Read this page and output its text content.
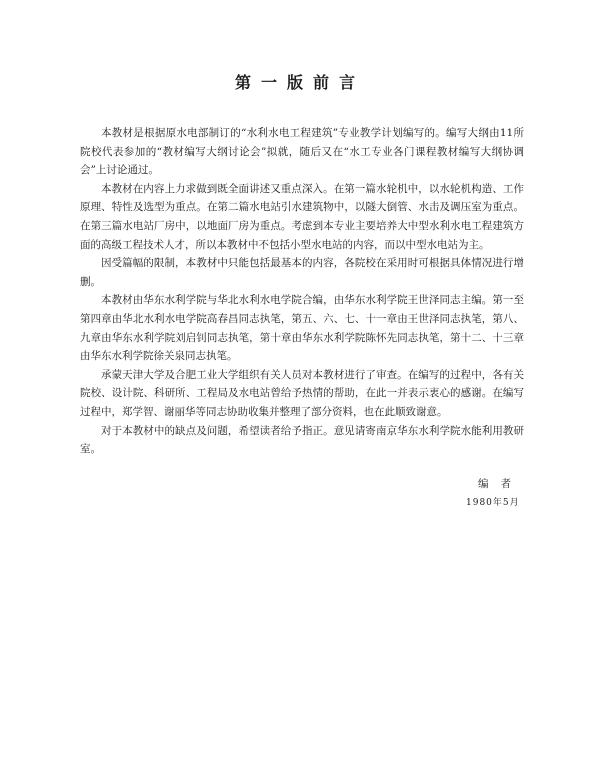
第一版前言

本教材是根据原水电部制订的“水利水电工程建筑”专业教学计划编写的。编写大纲由11所院校代表参加的“教材编写大纲讨论会”拟就，随后又在“水工专业各门课程教材编写大纲协调会”上讨论通过。

本教材在内容上力求做到既全面讲述又重点深入。在第一篇水轮机中，以水轮机构造、工作原理、特性及选型为重点。在第二篇水电站引水建筑物中，以隧大倒管、水击及调压室为重点。在第三篇水电站厂房中，以地面厂房为重点。考虑到本专业主要培养大中型水利水电工程建筑方面的高级工程技术人才，所以本教材中不包括小型水电站的内容，而以中型水电站为主。

因受篇幅的限制，本教材中只能包括最基本的内容，各院校在采用时可根据具体情况进行增删。

本教材由华东水利学院与华北水利水电学院合编，由华东水利学院王世泽同志主编。第一至第四章由华北水利水电学院高春昌同志执笔，第五、六、七、十一章由王世泽同志执笔，第八、九章由华东水利学院刘启钊同志执笔，第十章由华东水利学院陈怀先同志执笔，第十二、十三章由华东水利学院徐关泉同志执笔。

承蒙天津大学及合肥工业大学组织有关人员对本教材进行了审查。在编写的过程中，各有关院校、设计院、科研所、工程局及水电站曾给予热情的帮助，在此一并表示衷心的感谢。在编写过程中，郑学智、谢丽华等同志协助收集并整理了部分资料，也在此顺致谢意。

对于本教材中的缺点及问题，希望读者给予指正。意见请寄南京华东水利学院水能利用教研室。

编者
1980年5月
